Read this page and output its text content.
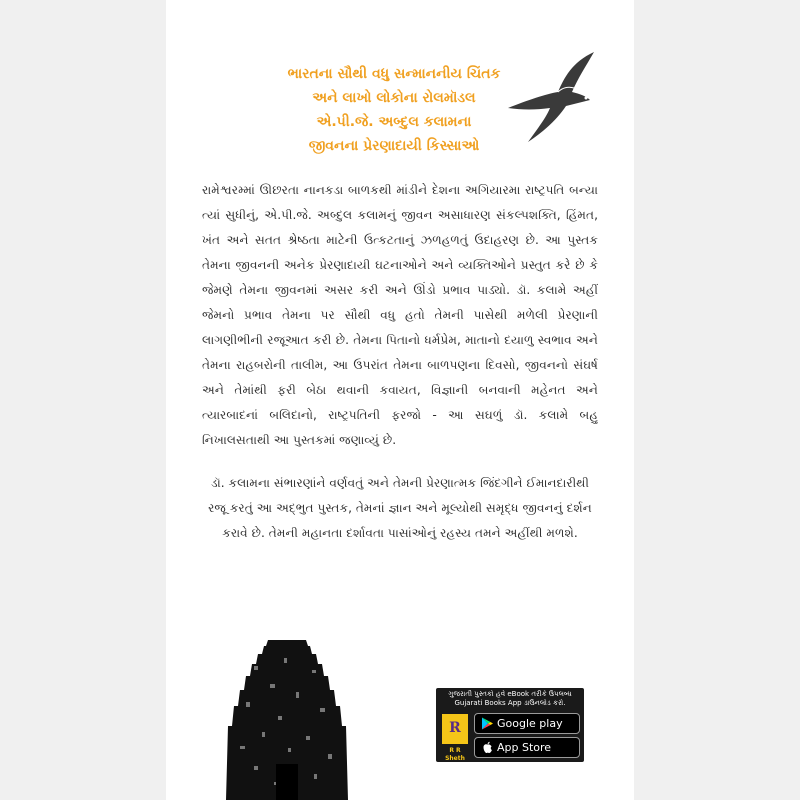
ભારતના સૌથી વધુ સન્માનનીય ચિંતક
અને લાખો લોકોના રોલમૉડલ
એ.પી.જે. અબ્દુલ કલામના
જીવનના પ્રેરણાદાયી કિસ્સાઓ

રામેશ્વરમ્માં ઊછરતા નાનકડા બાળકથી માંડીને દેશના અગિયારમા રાષ્ટ્રપતિ બન્યા ત્યાં સુધીનું, એ.પી.જે. અબ્દુલ કલામનું જીવન અસાધારણ સંકલ્પશક્તિ, હિંમત, ખંત અને સતત શ્રેષ્ઠતા માટેની ઉત્કટતાનું ઝળહળતું ઉદાહરણ છે. આ પુસ્તક તેમના જીવનની અનેક પ્રેરણાદાયી ઘટનાઓને અને વ્યક્તિઓને પ્રસ્તુત કરે છે કે જેમણે તેમના જીવનમાં અસર કરી અને ઊંડો પ્રભાવ પાડ્યો. ડૉ. કલામે અહીં જેમનો પ્રભાવ તેમના પર સૌથી વધુ હતો તેમની પાસેથી મળેલી પ્રેરણાની લાગણીભીની રજૂઆત કરી છે. તેમના પિતાનો ધર્મપ્રેમ, માતાનો દયાળુ સ્વભાવ અને તેમના રાહબરોની તાલીમ, આ ઉપરાંત તેમના બાળપણના દિવસો, જીવનનો સંઘર્ષ અને તેમાંથી ફરી બેઠા થવાની કવાયત, વિજ્ઞાની બનવાની મહેનત અને ત્યારબાદનાં બલિદાનો, રાષ્ટ્રપતિની ફરજો - આ સઘળું ડૉ. કલામે બહુ નિખાલસતાથી આ પુસ્તકમાં જણાવ્યું છે.

ડૉ. કલામના સંભારણાંને વર્ણવતું અને તેમની પ્રેરણાત્મક જિંદગીને ઈમાનદારીથી રજૂ કરતું આ અદ્ભુત પુસ્તક, તેમનાં જ્ઞાન અને મૂલ્યોથી સમૃદ્ધ જીવનનું દર્શન કરાવે છે. તેમની મહાનતા દર્શાવતા પાસાંઓનું રહસ્ય તમને અહીંથી મળશે.

ગુજરાતી પુસ્તકો હવે eBook તરીકે ઉપલબ્ધ
Gujarati Books App ડાઉનલોડ કરો.
R
R R Sheth
Google play
App Store
